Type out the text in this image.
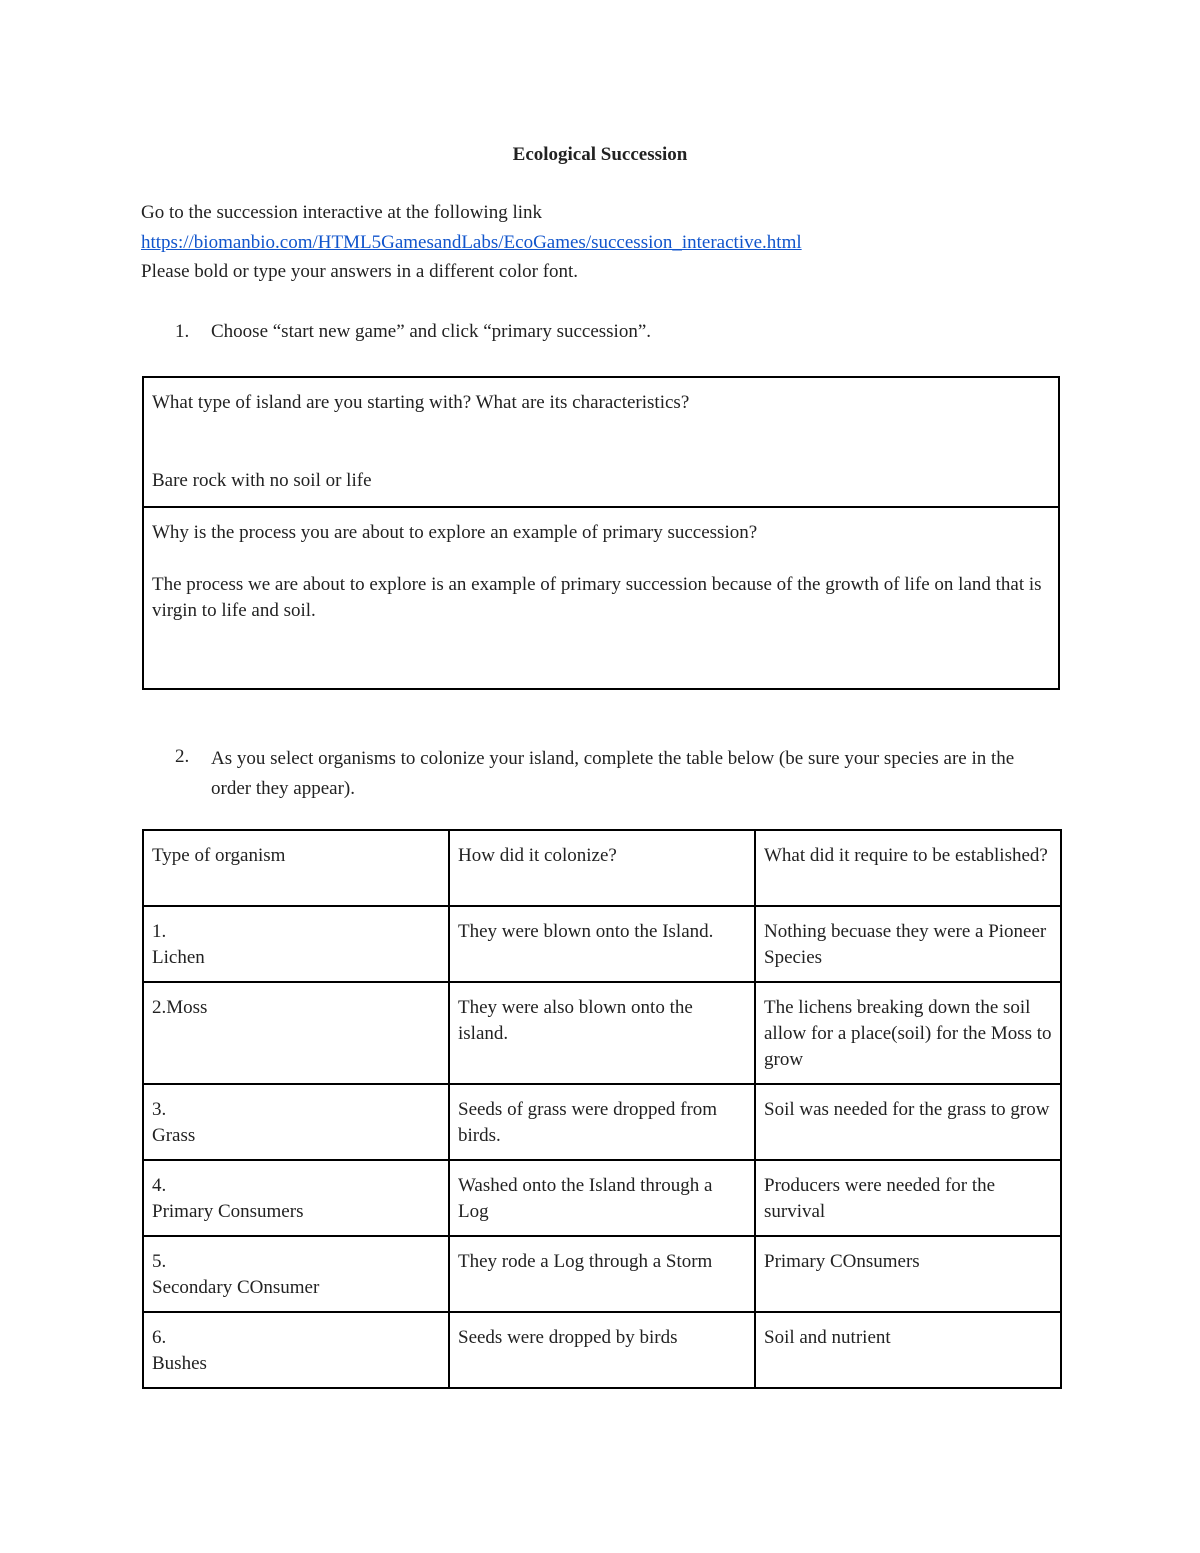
Ecological Succession
Go to the succession interactive at the following link
https://biomanbio.com/HTML5GamesandLabs/EcoGames/succession_interactive.html
Please bold or type your answers in a different color font.
1. Choose “start new game” and click “primary succession”.
What type of island are you starting with? What are its characteristics?
Bare rock with no soil or life

Why is the process you are about to explore an example of primary succession?
The process we are about to explore is an example of primary succession because of the growth of life on land that is virgin to life and soil.
2. As you select organisms to colonize your island, complete the table below (be sure your species are in the order they appear).
Type of organism	How did it colonize?	What did it require to be established?

1.
Lichen	They were blown onto the Island.	Nothing becuase they were a Pioneer Species
2.Moss	They were also blown onto the island.	The lichens breaking down the soil allow for a place(soil) for the Moss to grow

3.
Grass	Seeds of grass were dropped from birds.	Soil was needed for the grass to grow

4.
Primary Consumers	Washed onto the Island through a Log	Producers were needed for the survival

5.
Secondary COnsumer	They rode a Log through a Storm	Primary COnsumers

6.
Bushes	Seeds were dropped by birds	Soil and nutrient
